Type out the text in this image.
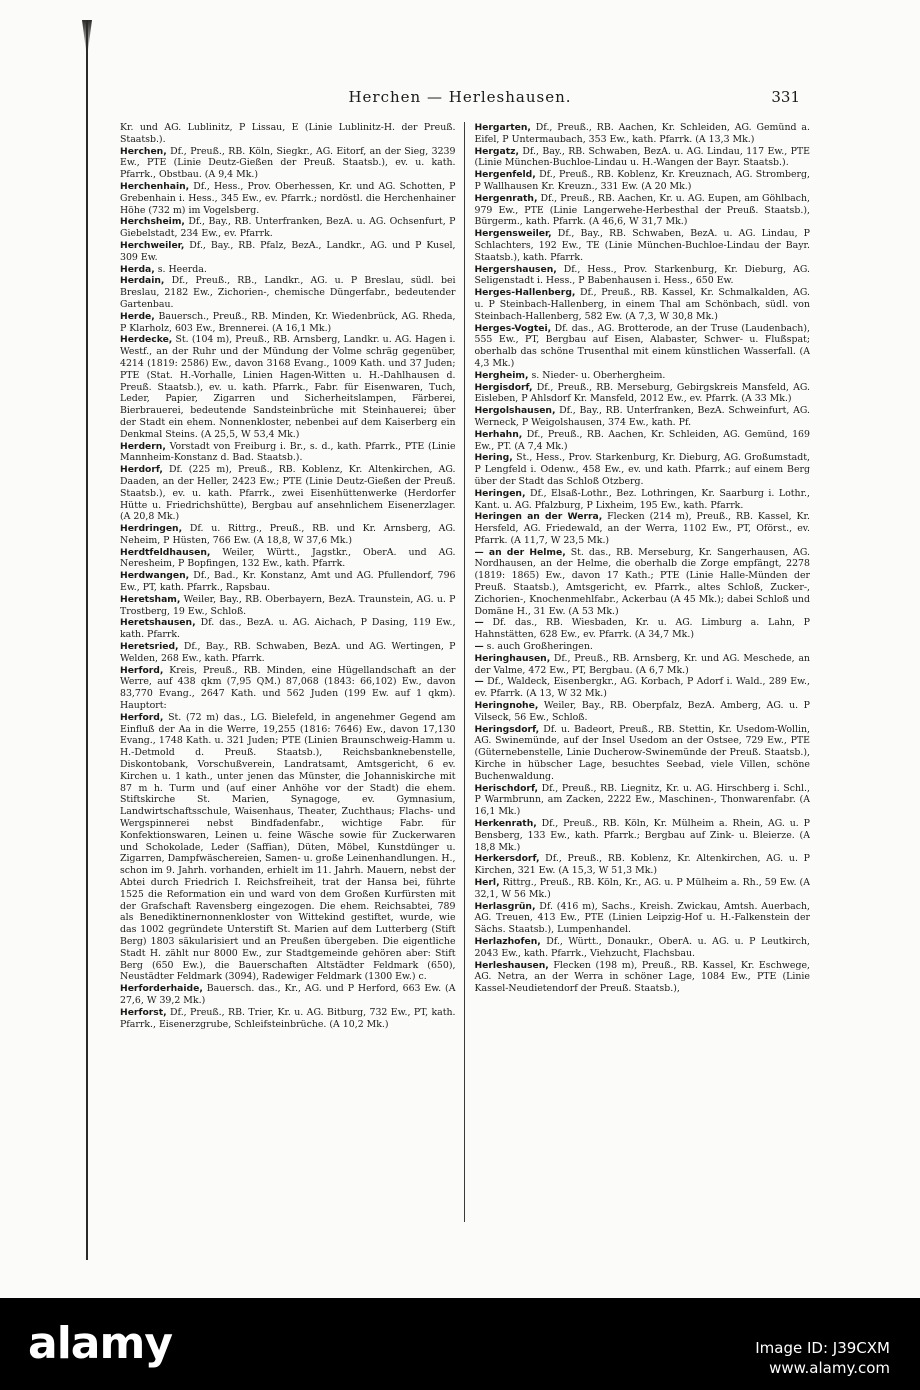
Herchen — Herleshausen.	331

Kr. und AG. Lublinitz, P Lissau, E (Linie Lublinitz-H. der Preuß. Staatsb.).

Herchen, Df., Preuß., RB. Köln, Siegkr., AG. Eitorf, an der Sieg, 3239 Ew., PTE (Linie Deutz-Gießen der Preuß. Staatsb.), ev. u. kath. Pfarrk., Obstbau. (A 9,4 Mk.)

Herchenhain, Df., Hess., Prov. Oberhessen, Kr. und AG. Schotten, P Grebenhain i. Hess., 345 Ew., ev. Pfarrk.; nordöstl. die Herchenhainer Höhe (732 m) im Vogelsberg.

Herchsheim, Df., Bay., RB. Unterfranken, BezA. u. AG. Ochsenfurt, P Giebelstadt, 234 Ew., ev. Pfarrk.

Herchweiler, Df., Bay., RB. Pfalz, BezA., Landkr., AG. und P Kusel, 309 Ew.

Herda, s. Heerda.

Herdain, Df., Preuß., RB., Landkr., AG. u. P Breslau, südl. bei Breslau, 2182 Ew., Zichorien-, chemische Düngerfabr., bedeutender Gartenbau.

Herde, Bauersch., Preuß., RB. Minden, Kr. Wiedenbrück, AG. Rheda, P Klarholz, 603 Ew., Brennerei. (A 16,1 Mk.)

Herdecke, St. (104 m), Preuß., RB. Arnsberg, Landkr. u. AG. Hagen i. Westf., an der Ruhr und der Mündung der Volme schräg gegenüber, 4214 (1819: 2586) Ew., davon 3168 Evang., 1009 Kath. und 37 Juden; PTE (Stat. H.-Vorhalle, Linien Hagen-Witten u. H.-Dahlhausen d. Preuß. Staatsb.), ev. u. kath. Pfarrk., Fabr. für Eisenwaren, Tuch, Leder, Papier, Zigarren und Sicherheitslampen, Färberei, Bierbrauerei, bedeutende Sandsteinbrüche mit Steinhauerei; über der Stadt ein ehem. Nonnenkloster, nebenbei auf dem Kaiserberg ein Denkmal Steins. (A 25,5, W 53,4 Mk.)

Herdern, Vorstadt von Freiburg i. Br., s. d., kath. Pfarrk., PTE (Linie Mannheim-Konstanz d. Bad. Staatsb.).

Herdorf, Df. (225 m), Preuß., RB. Koblenz, Kr. Altenkirchen, AG. Daaden, an der Heller, 2423 Ew.; PTE (Linie Deutz-Gießen der Preuß. Staatsb.), ev. u. kath. Pfarrk., zwei Eisenhüttenwerke (Herdorfer Hütte u. Friedrichshütte), Bergbau auf ansehnlichem Eisenerzlager. (A 20,8 Mk.)

Herdringen, Df. u. Rittrg., Preuß., RB. und Kr. Arnsberg, AG. Neheim, P Hüsten, 766 Ew. (A 18,8, W 37,6 Mk.)

Herdtfeldhausen, Weiler, Württ., Jagstkr., OberA. und AG. Neresheim, P Bopfingen, 132 Ew., kath. Pfarrk.

Herdwangen, Df., Bad., Kr. Konstanz, Amt und AG. Pfullendorf, 796 Ew., PT, kath. Pfarrk., Rapsbau.

Heretsham, Weiler, Bay., RB. Oberbayern, BezA. Traunstein, AG. u. P Trostberg, 19 Ew., Schloß.

Heretshausen, Df. das., BezA. u. AG. Aichach, P Dasing, 119 Ew., kath. Pfarrk.

Heretsried, Df., Bay., RB. Schwaben, BezA. und AG. Wertingen, P Welden, 268 Ew., kath. Pfarrk.

Herford, Kreis, Preuß., RB. Minden, eine Hügellandschaft an der Werre, auf 438 qkm (7,95 QM.) 87,068 (1843: 66,102) Ew., davon 83,770 Evang., 2647 Kath. und 562 Juden (199 Ew. auf 1 qkm). Hauptort:

Herford, St. (72 m) das., LG. Bielefeld, in angenehmer Gegend am Einfluß der Aa in die Werre, 19,255 (1816: 7646) Ew., davon 17,130 Evang., 1748 Kath. u. 321 Juden; PTE (Linien Braunschweig-Hamm u. H.-Detmold d. Preuß. Staatsb.), Reichsbanknebenstelle, Diskontobank, Vorschußverein, Landratsamt, Amtsgericht, 6 ev. Kirchen u. 1 kath., unter jenen das Münster, die Johanniskirche mit 87 m h. Turm und (auf einer Anhöhe vor der Stadt) die ehem. Stiftskirche St. Marien, Synagoge, ev. Gymnasium, Landwirtschaftsschule, Waisenhaus, Theater, Zuchthaus; Flachs- und Wergspinnerei nebst Bindfadenfabr., wichtige Fabr. für Konfektionswaren, Leinen u. feine Wäsche sowie für Zuckerwaren und Schokolade, Leder (Saffian), Düten, Möbel, Kunstdünger u. Zigarren, Dampfwäschereien, Samen- u. große Leinenhandlungen. H., schon im 9. Jahrh. vorhanden, erhielt im 11. Jahrh. Mauern, nebst der Abtei durch Friedrich I. Reichsfreiheit, trat der Hansa bei, führte 1525 die Reformation ein und ward von dem Großen Kurfürsten mit der Grafschaft Ravensberg eingezogen. Die ehem. Reichsabtei, 789 als Benediktinernonnenkloster von Wittekind gestiftet, wurde, wie das 1002 gegründete Unterstift St. Marien auf dem Lutterberg (Stift Berg) 1803 säkularisiert und an Preußen übergeben. Die eigentliche Stadt H. zählt nur 8000 Ew., zur Stadtgemeinde gehören aber: Stift Berg (650 Ew.), die Bauerschaften Altstädter Feldmark (650), Neustädter Feldmark (3094), Radewiger Feldmark (1300 Ew.) c.

Herforderhaide, Bauersch. das., Kr., AG. und P Herford, 663 Ew. (A 27,6, W 39,2 Mk.)

Herforst, Df., Preuß., RB. Trier, Kr. u. AG. Bitburg, 732 Ew., PT, kath. Pfarrk., Eisenerzgrube, Schleifsteinbrüche. (A 10,2 Mk.)

Hergarten, Df., Preuß., RB. Aachen, Kr. Schleiden, AG. Gemünd a. Eifel, P Untermaubach, 353 Ew., kath. Pfarrk. (A 13,3 Mk.)

Hergatz, Df., Bay., RB. Schwaben, BezA. u. AG. Lindau, 117 Ew., PTE (Linie München-Buchloe-Lindau u. H.-Wangen der Bayr. Staatsb.).

Hergenfeld, Df., Preuß., RB. Koblenz, Kr. Kreuznach, AG. Stromberg, P Wallhausen Kr. Kreuzn., 331 Ew. (A 20 Mk.)

Hergenrath, Df., Preuß., RB. Aachen, Kr. u. AG. Eupen, am Göhlbach, 979 Ew., PTE (Linie Langerwehe-Herbesthal der Preuß. Staatsb.), Bürgerm., kath. Pfarrk. (A 46,6, W 31,7 Mk.)

Hergensweiler, Df., Bay., RB. Schwaben, BezA. u. AG. Lindau, P Schlachters, 192 Ew., TE (Linie München-Buchloe-Lindau der Bayr. Staatsb.), kath. Pfarrk.

Hergershausen, Df., Hess., Prov. Starkenburg, Kr. Dieburg, AG. Seligenstadt i. Hess., P Babenhausen i. Hess., 650 Ew.

Herges-Hallenberg, Df., Preuß., RB. Kassel, Kr. Schmalkalden, AG. u. P Steinbach-Hallenberg, in einem Thal am Schönbach, südl. von Steinbach-Hallenberg, 582 Ew. (A 7,3, W 30,8 Mk.)

Herges-Vogtei, Df. das., AG. Brotterode, an der Truse (Laudenbach), 555 Ew., PT, Bergbau auf Eisen, Alabaster, Schwer- u. Flußspat; oberhalb das schöne Trusenthal mit einem künstlichen Wasserfall. (A 4,3 Mk.)

Hergheim, s. Nieder- u. Oberhergheim.

Hergisdorf, Df., Preuß., RB. Merseburg, Gebirgskreis Mansfeld, AG. Eisleben, P Ahlsdorf Kr. Mansfeld, 2012 Ew., ev. Pfarrk. (A 33 Mk.)

Hergolshausen, Df., Bay., RB. Unterfranken, BezA. Schweinfurt, AG. Werneck, P Weigolshausen, 374 Ew., kath. Pf.

Herhahn, Df., Preuß., RB. Aachen, Kr. Schleiden, AG. Gemünd, 169 Ew., PT. (A 7,4 Mk.)

Hering, St., Hess., Prov. Starkenburg, Kr. Dieburg, AG. Großumstadt, P Lengfeld i. Odenw., 458 Ew., ev. und kath. Pfarrk.; auf einem Berg über der Stadt das Schloß Otzberg.

Heringen, Df., Elsaß-Lothr., Bez. Lothringen, Kr. Saarburg i. Lothr., Kant. u. AG. Pfalzburg, P Lixheim, 195 Ew., kath. Pfarrk.

Heringen an der Werra, Flecken (214 m), Preuß., RB. Kassel, Kr. Hersfeld, AG. Friedewald, an der Werra, 1102 Ew., PT, Oförst., ev. Pfarrk. (A 11,7, W 23,5 Mk.)

— an der Helme, St. das., RB. Merseburg, Kr. Sangerhausen, AG. Nordhausen, an der Helme, die oberhalb die Zorge empfängt, 2278 (1819: 1865) Ew., davon 17 Kath.; PTE (Linie Halle-Münden der Preuß. Staatsb.), Amtsgericht, ev. Pfarrk., altes Schloß, Zucker-, Zichorien-, Knochenmehlfabr., Ackerbau (A 45 Mk.); dabei Schloß und Domäne H., 31 Ew. (A 53 Mk.)

— Df. das., RB. Wiesbaden, Kr. u. AG. Limburg a. Lahn, P Hahnstätten, 628 Ew., ev. Pfarrk. (A 34,7 Mk.)

— s. auch Großheringen.

Heringhausen, Df., Preuß., RB. Arnsberg, Kr. und AG. Meschede, an der Valme, 472 Ew., PT, Bergbau. (A 6,7 Mk.)

— Df., Waldeck, Eisenbergkr., AG. Korbach, P Adorf i. Wald., 289 Ew., ev. Pfarrk. (A 13, W 32 Mk.)

Heringnohe, Weiler, Bay., RB. Oberpfalz, BezA. Amberg, AG. u. P Vilseck, 56 Ew., Schloß.

Heringsdorf, Df. u. Badeort, Preuß., RB. Stettin, Kr. Usedom-Wollin, AG. Swinemünde, auf der Insel Usedom an der Ostsee, 729 Ew., PTE (Güternebenstelle, Linie Ducherow-Swinemünde der Preuß. Staatsb.), Kirche in hübscher Lage, besuchtes Seebad, viele Villen, schöne Buchenwaldung.

Herischdorf, Df., Preuß., RB. Liegnitz, Kr. u. AG. Hirschberg i. Schl., P Warmbrunn, am Zacken, 2222 Ew., Maschinen-, Thonwarenfabr. (A 16,1 Mk.)

Herkenrath, Df., Preuß., RB. Köln, Kr. Mülheim a. Rhein, AG. u. P Bensberg, 133 Ew., kath. Pfarrk.; Bergbau auf Zink- u. Bleierze. (A 18,8 Mk.)

Herkersdorf, Df., Preuß., RB. Koblenz, Kr. Altenkirchen, AG. u. P Kirchen, 321 Ew. (A 15,3, W 51,3 Mk.)

Herl, Rittrg., Preuß., RB. Köln, Kr., AG. u. P Mülheim a. Rh., 59 Ew. (A 32,1, W 56 Mk.)

Herlasgrün, Df. (416 m), Sachs., Kreish. Zwickau, Amtsh. Auerbach, AG. Treuen, 413 Ew., PTE (Linien Leipzig-Hof u. H.-Falkenstein der Sächs. Staatsb.), Lumpenhandel.

Herlazhofen, Df., Württ., Donaukr., OberA. u. AG. u. P Leutkirch, 2043 Ew., kath. Pfarrk., Viehzucht, Flachsbau.

Herleshausen, Flecken (198 m), Preuß., RB. Kassel, Kr. Eschwege, AG. Netra, an der Werra in schöner Lage, 1084 Ew., PTE (Linie Kassel-Neudietendorf der Preuß. Staatsb.),

alamy	Image ID: J39CXM
www.alamy.com
